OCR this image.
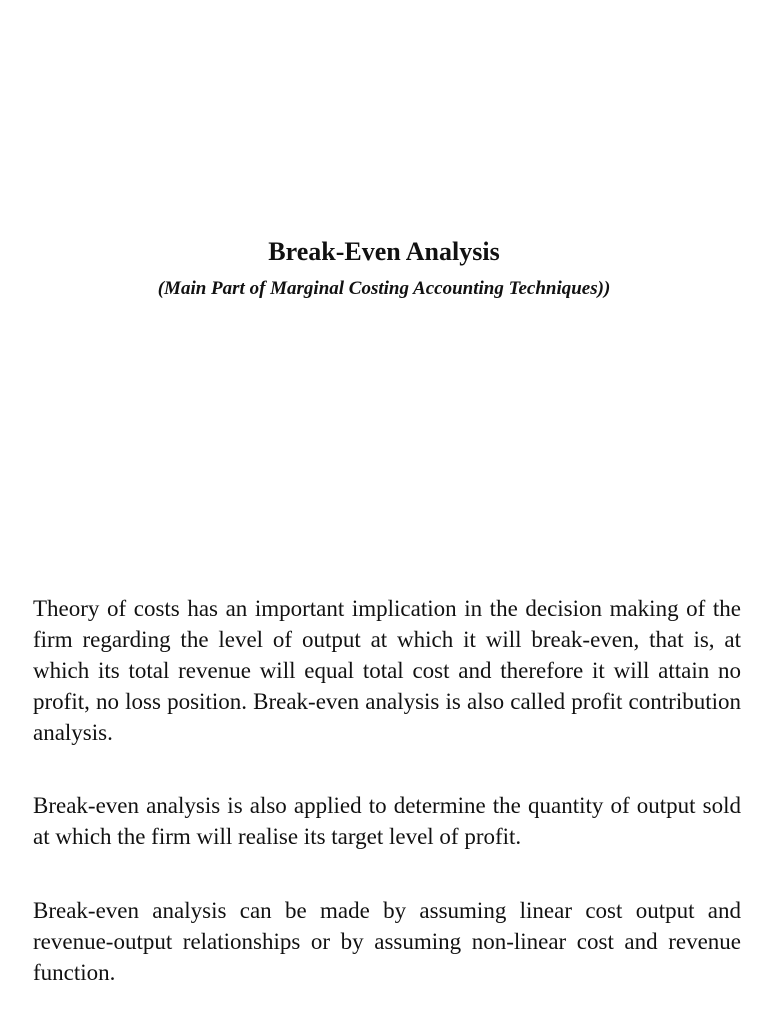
Break-Even Analysis
(Main Part of Marginal Costing Accounting Techniques))

Theory of costs has an important implication in the decision making of the firm regarding the level of output at which it will break-even, that is, at which its total revenue will equal total cost and therefore it will attain no profit, no loss position. Break-even analysis is also called profit contribution analysis.

Break-even analysis is also applied to determine the quantity of output sold at which the firm will realise its target level of profit.

Break-even analysis can be made by assuming linear cost output and revenue-output relationships or by assuming non-linear cost and revenue function.
